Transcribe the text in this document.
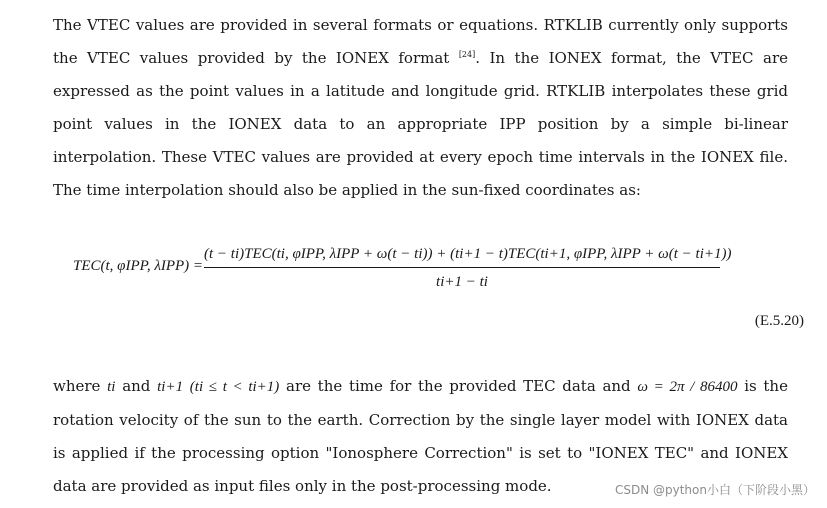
The VTEC values are provided in several formats or equations. RTKLIB currently only supports the VTEC values provided by the IONEX format [24]. In the IONEX format, the VTEC are expressed as the point values in a latitude and longitude grid. RTKLIB interpolates these grid point values in the IONEX data to an appropriate IPP position by a simple bi-linear interpolation. These VTEC values are provided at every epoch time intervals in the IONEX file. The time interpolation should also be applied in the sun-fixed coordinates as:

TEC(t, φIPP, λIPP) =
(t − ti)TEC(ti, φIPP, λIPP + ω(t − ti)) + (ti+1 − t)TEC(ti+1, φIPP, λIPP + ω(t − ti+1))
ti+1 − ti
(E.5.20)

where ti and ti+1 (ti ≤ t < ti+1) are the time for the provided TEC data and ω = 2π / 86400 is the rotation velocity of the sun to the earth. Correction by the single layer model with IONEX data is applied if the processing option "Ionosphere Correction" is set to "IONEX TEC" and IONEX data are provided as input files only in the post-processing mode.	CSDN @python小白（下阶段小黑）
